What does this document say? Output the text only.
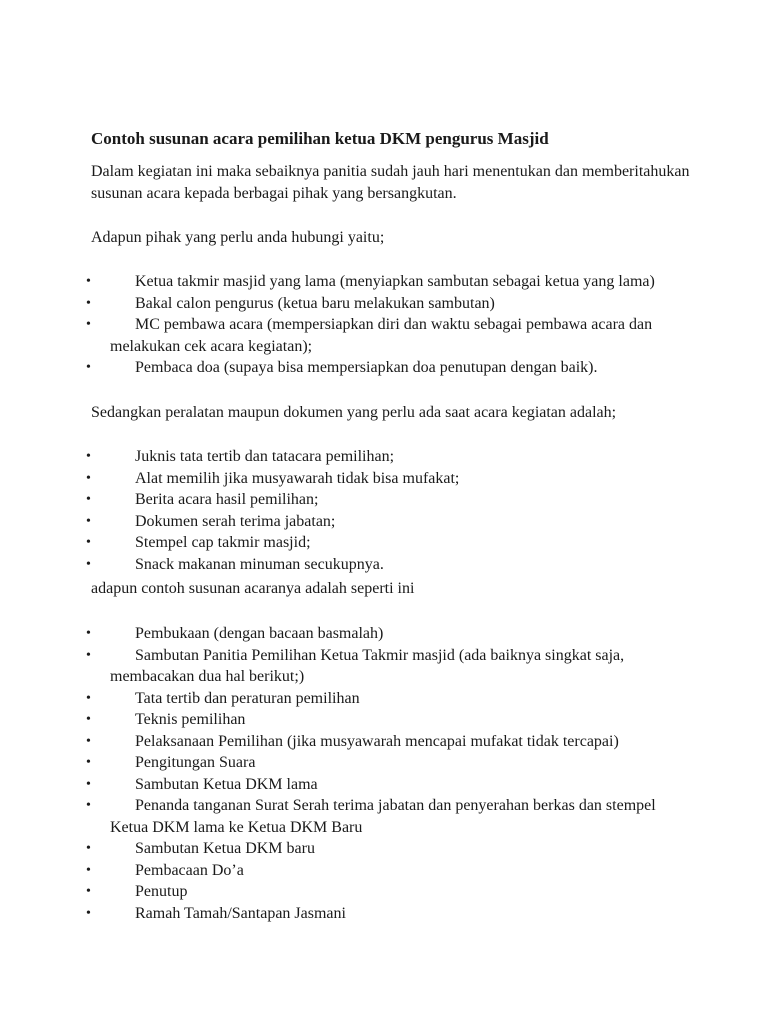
Contoh susunan acara pemilihan ketua DKM pengurus Masjid

Dalam kegiatan ini maka sebaiknya panitia sudah jauh hari menentukan dan memberitahukan susunan acara kepada berbagai pihak yang bersangkutan.

Adapun pihak yang perlu anda hubungi yaitu;

•	Ketua takmir masjid yang lama (menyiapkan sambutan sebagai ketua yang lama)
•	Bakal calon pengurus (ketua baru melakukan sambutan)
•	MC pembawa acara (mempersiapkan diri dan waktu sebagai pembawa acara dan melakukan cek acara kegiatan);
•	Pembaca doa (supaya bisa mempersiapkan doa penutupan dengan baik).

Sedangkan peralatan maupun dokumen yang perlu ada saat acara kegiatan adalah;

•	Juknis tata tertib dan tatacara pemilihan;
•	Alat memilih jika musyawarah tidak bisa mufakat;
•	Berita acara hasil pemilihan;
•	Dokumen serah terima jabatan;
•	Stempel cap takmir masjid;
•	Snack makanan minuman secukupnya.

adapun contoh susunan acaranya adalah seperti ini

•	Pembukaan (dengan bacaan basmalah)
•	Sambutan Panitia Pemilihan Ketua Takmir masjid (ada baiknya singkat saja, membacakan dua hal berikut;)
•	Tata tertib dan peraturan pemilihan
•	Teknis pemilihan
•	Pelaksanaan Pemilihan (jika musyawarah mencapai mufakat tidak tercapai)
•	Pengitungan Suara
•	Sambutan Ketua DKM lama
•	Penanda tanganan Surat Serah terima jabatan dan penyerahan berkas dan stempel Ketua DKM lama ke Ketua DKM Baru
•	Sambutan Ketua DKM baru
•	Pembacaan Do’a
•	Penutup
•	Ramah Tamah/Santapan Jasmani
